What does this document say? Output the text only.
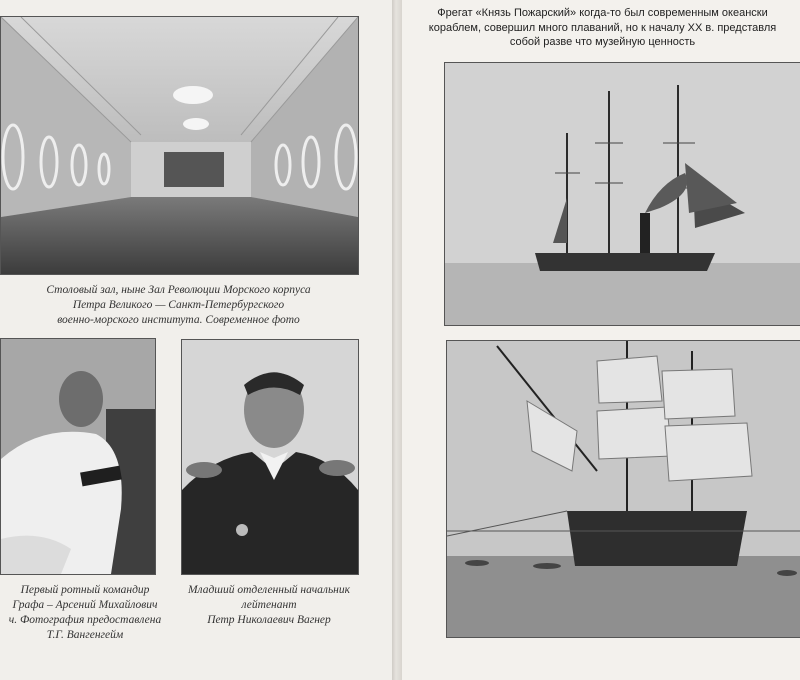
Столовый зал, ныне Зал Революции Морского корпуса
Петра Великого — Санкт-Петербургского
военно-морского института. Современное фото
Первый ротный командир
Графа – Арсений Михайлович
ч. Фотография предоставлена
Т.Г. Вангенгейм
Младший отделенный начальник
лейтенант
Петр Николаевич Вагнер
Фрегат «Князь Пожарский» когда-то был современным океански
кораблем, совершил много плаваний, но к началу XX в. представля
собой разве что музейную ценность
